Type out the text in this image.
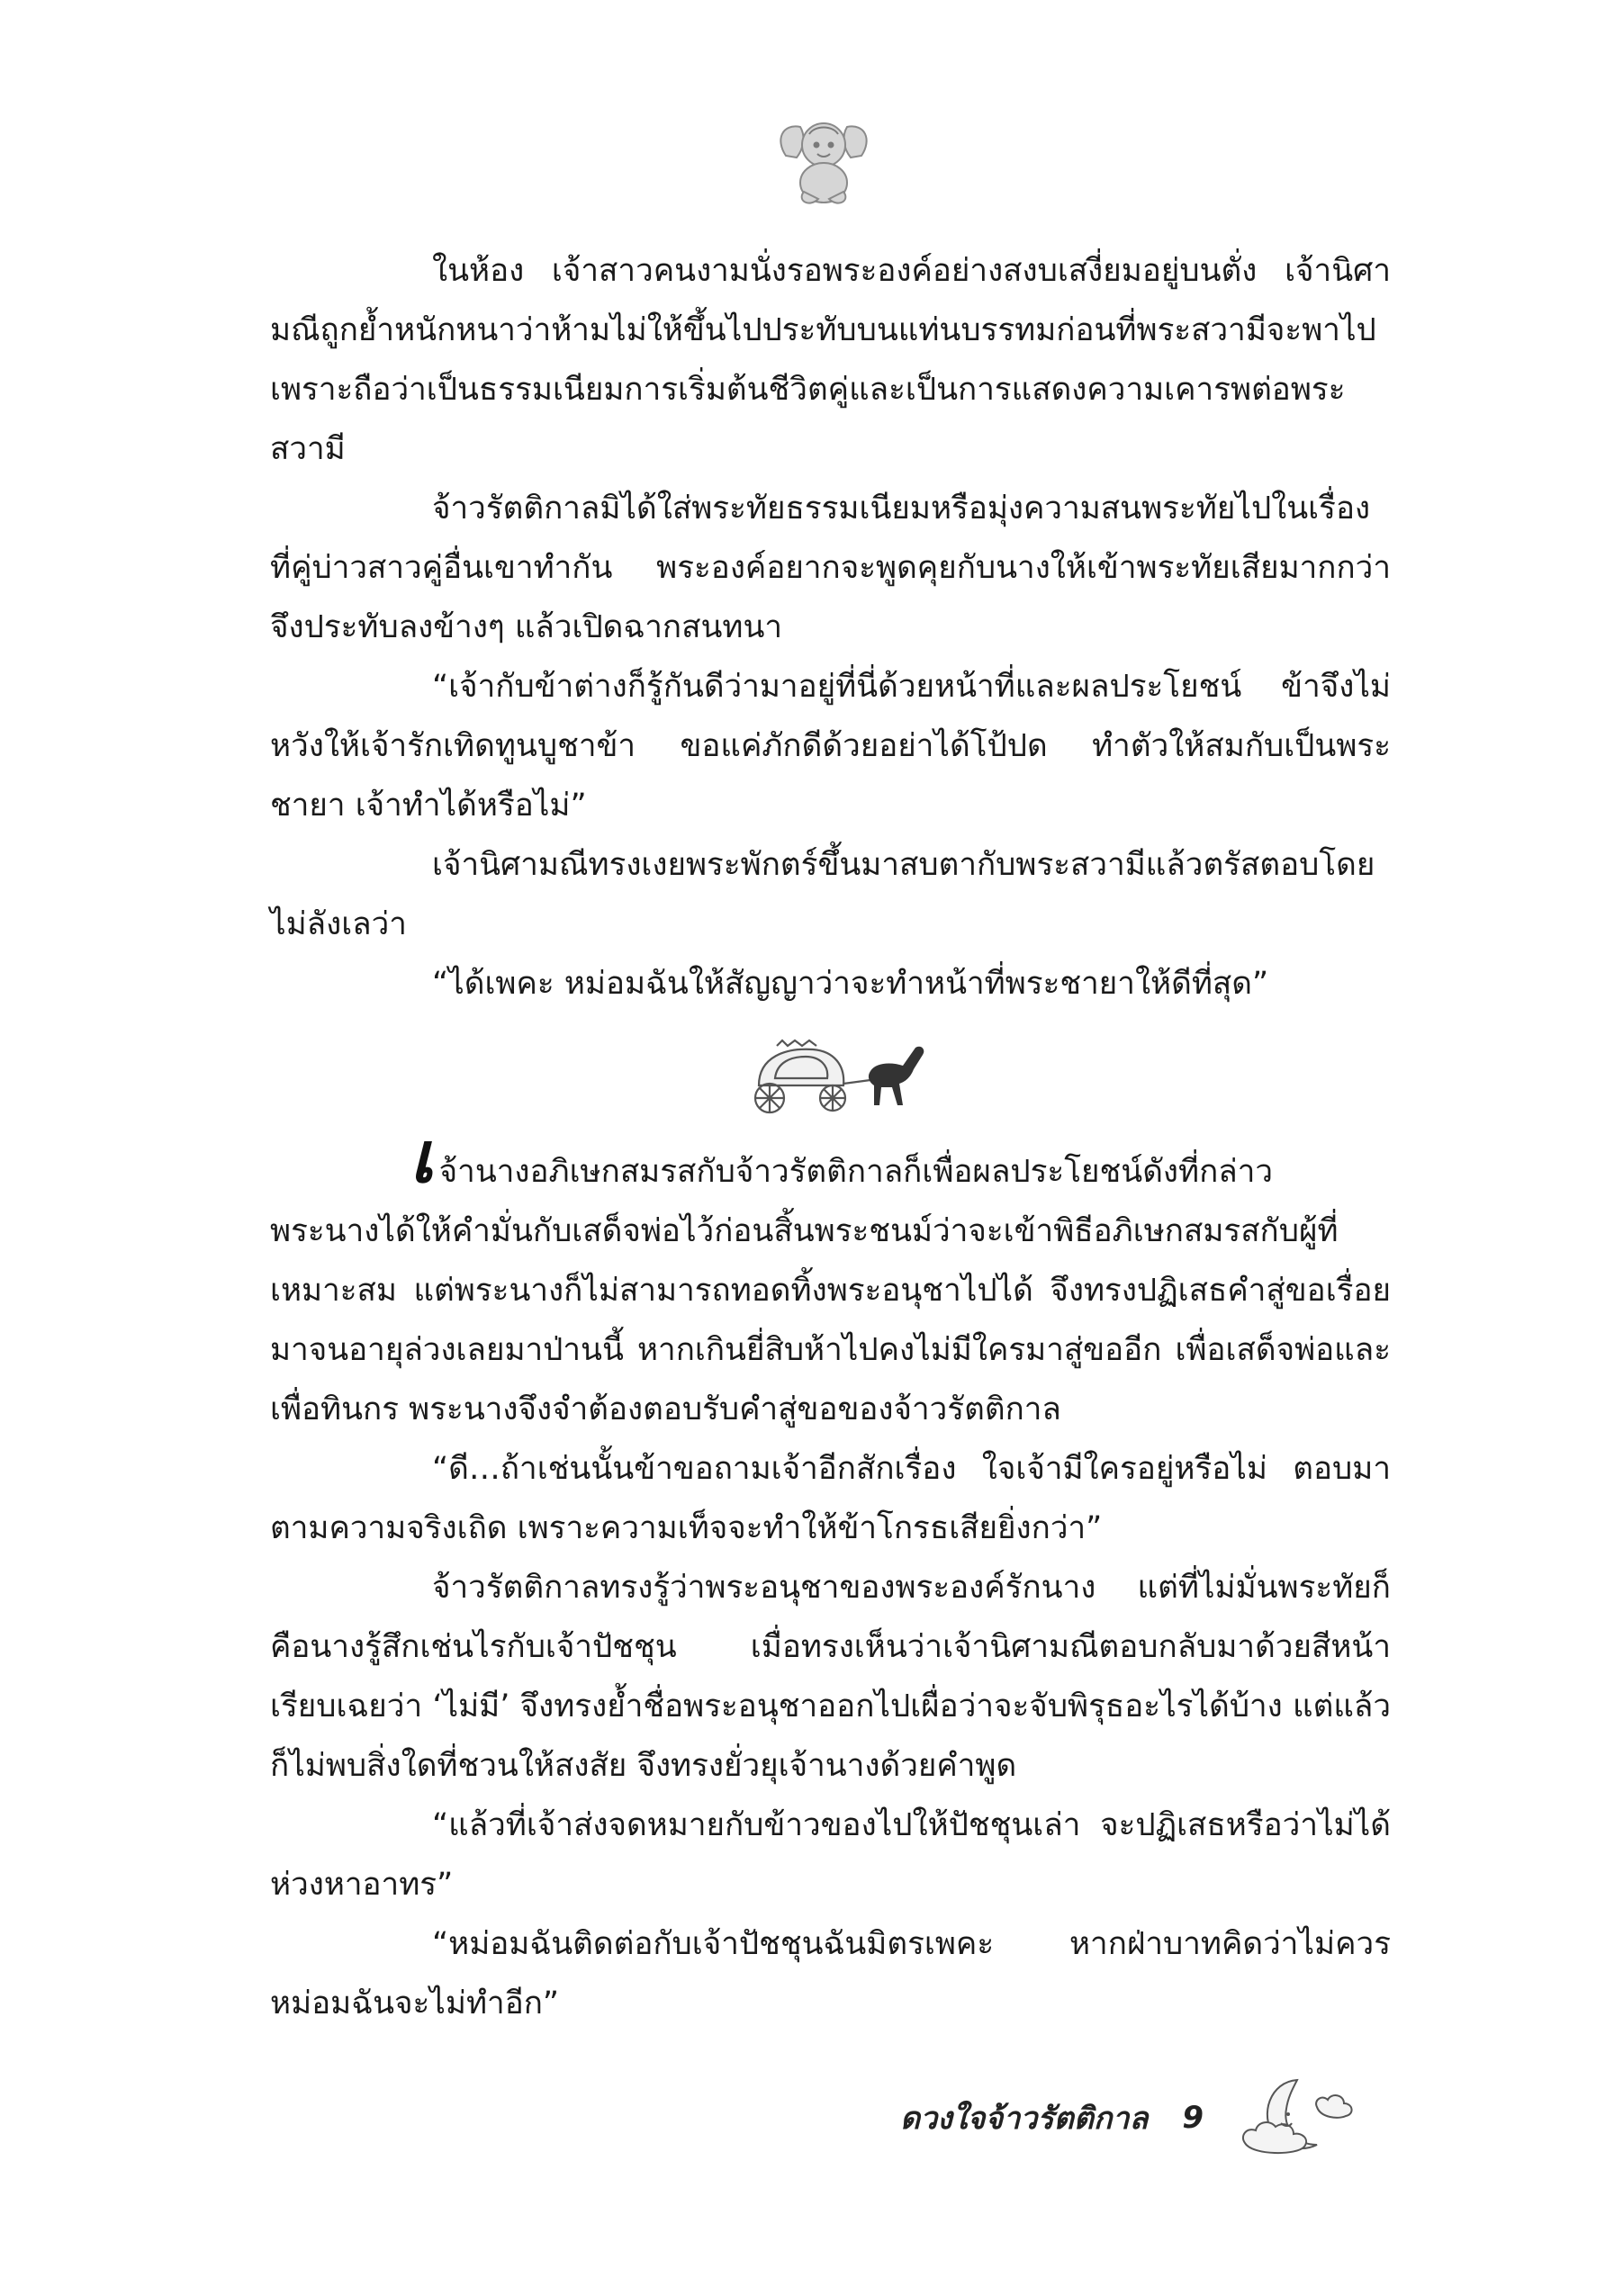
ในห้อง เจ้าสาวคนงามนั่งรอพระองค์อย่างสงบเสงี่ยมอยู่บนตั่ง เจ้านิศามณีถูกย้ำหนักหนาว่าห้ามไม่ให้ขึ้นไปประทับบนแท่นบรรทมก่อนที่พระสวามีจะพาไป เพราะถือว่าเป็นธรรมเนียมการเริ่มต้นชีวิตคู่และเป็นการแสดงความเคารพต่อพระสวามี

จ้าวรัตติกาลมิได้ใส่พระทัยธรรมเนียมหรือมุ่งความสนพระทัยไปในเรื่องที่คู่บ่าวสาวคู่อื่นเขาทำกัน พระองค์อยากจะพูดคุยกับนางให้เข้าพระทัยเสียมากกว่า จึงประทับลงข้างๆ แล้วเปิดฉากสนทนา

“เจ้ากับข้าต่างก็รู้กันดีว่ามาอยู่ที่นี่ด้วยหน้าที่และผลประโยชน์ ข้าจึงไม่หวังให้เจ้ารักเทิดทูนบูชาข้า ขอแค่ภักดีด้วยอย่าได้โป้ปด ทำตัวให้สมกับเป็นพระชายา เจ้าทำได้หรือไม่”

เจ้านิศามณีทรงเงยพระพักตร์ขึ้นมาสบตากับพระสวามีแล้วตรัสตอบโดยไม่ลังเลว่า

“ได้เพคะ หม่อมฉันให้สัญญาว่าจะทำหน้าที่พระชายาให้ดีที่สุด”

เจ้านางอภิเษกสมรสกับจ้าวรัตติกาลก็เพื่อผลประโยชน์ดังที่กล่าว พระนางได้ให้คำมั่นกับเสด็จพ่อไว้ก่อนสิ้นพระชนม์ว่าจะเข้าพิธีอภิเษกสมรสกับผู้ที่เหมาะสม แต่พระนางก็ไม่สามารถทอดทิ้งพระอนุชาไปได้ จึงทรงปฏิเสธคำสู่ขอเรื่อยมาจนอายุล่วงเลยมาป่านนี้ หากเกินยี่สิบห้าไปคงไม่มีใครมาสู่ขออีก เพื่อเสด็จพ่อและเพื่อทินกร พระนางจึงจำต้องตอบรับคำสู่ขอของจ้าวรัตติกาล

“ดี…ถ้าเช่นนั้นข้าขอถามเจ้าอีกสักเรื่อง ใจเจ้ามีใครอยู่หรือไม่ ตอบมาตามความจริงเถิด เพราะความเท็จจะทำให้ข้าโกรธเสียยิ่งกว่า”

จ้าวรัตติกาลทรงรู้ว่าพระอนุชาของพระองค์รักนาง แต่ที่ไม่มั่นพระทัยก็คือนางรู้สึกเช่นไรกับเจ้าปัชชุน เมื่อทรงเห็นว่าเจ้านิศามณีตอบกลับมาด้วยสีหน้าเรียบเฉยว่า ‘ไม่มี’ จึงทรงย้ำชื่อพระอนุชาออกไปเผื่อว่าจะจับพิรุธอะไรได้บ้าง แต่แล้วก็ไม่พบสิ่งใดที่ชวนให้สงสัย จึงทรงยั่วยุเจ้านางด้วยคำพูด

“แล้วที่เจ้าส่งจดหมายกับข้าวของไปให้ปัชชุนเล่า จะปฏิเสธหรือว่าไม่ได้ห่วงหาอาทร”

“หม่อมฉันติดต่อกับเจ้าปัชชุนฉันมิตรเพคะ หากฝ่าบาทคิดว่าไม่ควรหม่อมฉันจะไม่ทำอีก”

ดวงใจจ้าวรัตติกาล 9
